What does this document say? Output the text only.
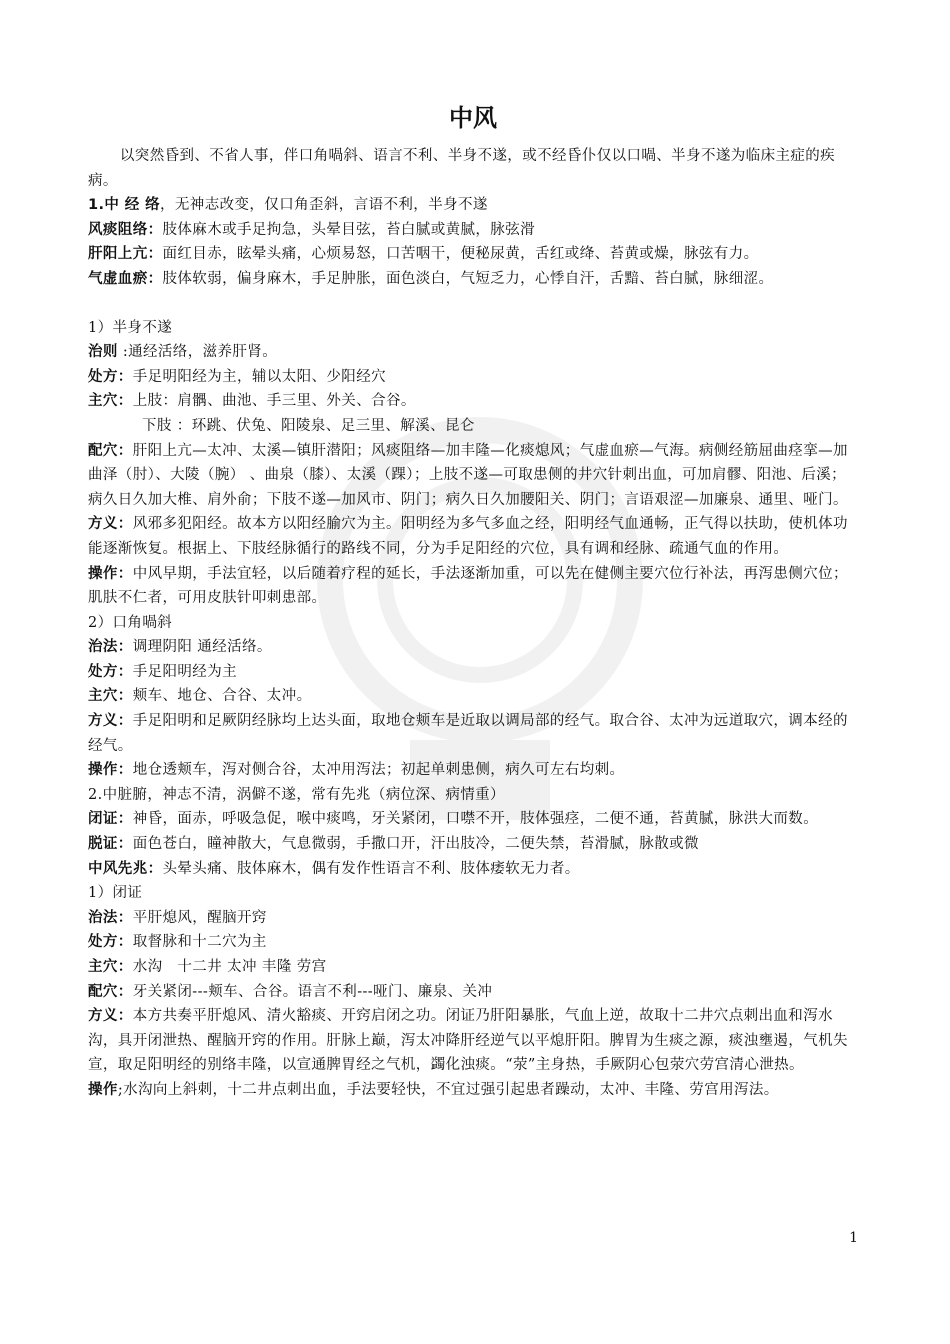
中风

以突然昏到、不省人事，伴口角喎斜、语言不利、半身不遂，或不经昏仆仅以口喎、半身不遂为临床主症的疾病。

1.中 经 络，无神志改变，仅口角歪斜，言语不利，半身不遂

风痰阻络：肢体麻木或手足拘急，头晕目弦，苔白腻或黄腻，脉弦滑

肝阳上亢：面红目赤，眩晕头痛，心烦易怒，口苦咽干，便秘尿黄，舌红或绛、苔黄或燥，脉弦有力。

气虚血瘀：肢体软弱，偏身麻木，手足肿胀，面色淡白，气短乏力，心悸自汗，舌黯、苔白腻，脉细涩。

1）半身不遂

治则 :通经活络，滋养肝肾。

处方：手足明阳经为主，辅以太阳、少阳经穴

主穴：上肢：肩髃、曲池、手三里、外关、合谷。

下肢 ：环跳、伏兔、阳陵泉、足三里、解溪、昆仑

配穴：肝阳上亢—太冲、太溪—镇肝潜阳；风痰阻络—加丰隆—化痰熄风；气虚血瘀—气海。病侧经筋屈曲痉挛—加曲泽（肘）、大陵（腕） 、曲泉（膝）、太溪（踝）；上肢不遂—可取患侧的井穴针刺出血，可加肩髎、阳池、后溪；病久日久加大椎、肩外俞；下肢不遂—加风市、阴门；病久日久加腰阳关、阴门；言语艰涩—加廉泉、通里、哑门。

方义：风邪多犯阳经。故本方以阳经腧穴为主。阳明经为多气多血之经，阳明经气血通畅，正气得以扶助，使机体功能逐渐恢复。根据上、下肢经脉循行的路线不同，分为手足阳经的穴位，具有调和经脉、疏通气血的作用。

操作：中风早期，手法宜轻，以后随着疗程的延长，手法逐渐加重，可以先在健侧主要穴位行补法，再泻患侧穴位；肌肤不仁者，可用皮肤针叩刺患部。

2）口角喎斜

治法：调理阴阳 通经活络。

处方：手足阳明经为主

主穴：颊车、地仓、合谷、太冲。

方义：手足阳明和足厥阴经脉均上达头面，取地仓颊车是近取以调局部的经气。取合谷、太冲为远道取穴，调本经的经气。

操作：地仓透颊车，泻对侧合谷，太冲用泻法；初起单刺患侧，病久可左右均刺。

2.中脏腑，神志不清，涡僻不遂，常有先兆（病位深、病情重）

闭证：神昏，面赤，呼吸急促，喉中痰鸣，牙关紧闭，口噤不开，肢体强痉，二便不通，苔黄腻，脉洪大而数。

脱证：面色苍白，瞳神散大，气息微弱，手撒口开，汗出肢冷，二便失禁，苔滑腻，脉散或微

中风先兆：头晕头痛、肢体麻木，偶有发作性语言不利、肢体痿软无力者。

1）闭证

治法：平肝熄风，醒脑开窍

处方：取督脉和十二穴为主

主穴：水沟　十二井 太冲 丰隆 劳宫

配穴：牙关紧闭---颊车、合谷。语言不利---哑门、廉泉、关冲

方义：本方共奏平肝熄风、清火豁痰、开窍启闭之功。闭证乃肝阳暴胀，气血上逆，故取十二井穴点刺出血和泻水沟，具开闭泄热、醒脑开窍的作用。肝脉上巅，泻太冲降肝经逆气以平熄肝阳。脾胃为生痰之源，痰浊壅遏，气机失宣，取足阳明经的别络丰隆，以宣通脾胃经之气机，蠲化浊痰。“荥”主身热，手厥阴心包荥穴劳宫清心泄热。

操作;水沟向上斜刺，十二井点刺出血，手法要轻快，不宜过强引起患者躁动，太冲、丰隆、劳宫用泻法。

1
